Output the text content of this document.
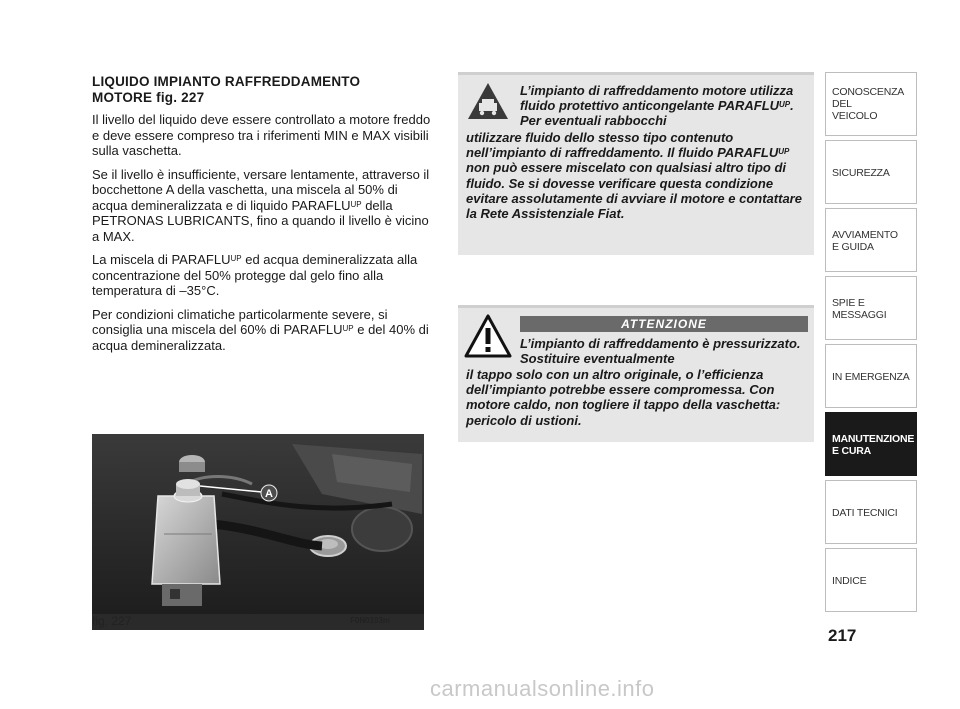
LIQUIDO IMPIANTO RAFFREDDAMENTO
MOTORE fig. 227

Il livello del liquido deve essere controllato a motore freddo e deve essere compreso tra i riferimenti MIN e MAX visibili sulla vaschetta.

Se il livello è insufficiente, versare lentamente, attraverso il bocchettone A della vaschetta, una miscela al 50% di acqua demineralizzata e di liquido $PARAFLU^{UP}$ della PETRONAS LUBRICANTS, fino a quando il livello è vicino a MAX.

La miscela di $PARAFLU^{UP}$ ed acqua demineralizzata alla concentrazione del 50% protegge dal gelo fino alla temperatura di –35°C.

Per condizioni climatiche particolarmente severe, si consiglia una miscela del 60% di $PARAFLU^{UP}$ e del 40% di acqua demineralizzata.

A
fig. 227	F0N0103m
L’impianto di raffreddamento motore utilizza fluido protettivo anticongelante $PARAFLU^{UP}$. Per eventuali rabbocchi
utilizzare fluido dello stesso tipo contenuto nell’impianto di raffreddamento. Il fluido $PARAFLU^{UP}$ non può essere miscelato con qualsiasi altro tipo di fluido. Se si dovesse verificare questa condizione evitare assolutamente di avviare il motore e contattare la Rete Assistenziale Fiat.
ATTENZIONE
L’impianto di raffreddamento è pressurizzato. Sostituire eventualmente
il tappo solo con un altro originale, o l’efficienza dell’impianto potrebbe essere compromessa. Con motore caldo, non togliere il tappo della vaschetta: pericolo di ustioni.
CONOSCENZA
DEL
VEICOLO
SICUREZZA
AVVIAMENTO
E GUIDA
SPIE E
MESSAGGI
IN EMERGENZA
MANUTENZIONE
E CURA
DATI TECNICI
INDICE
217
carmanualsonline.info
